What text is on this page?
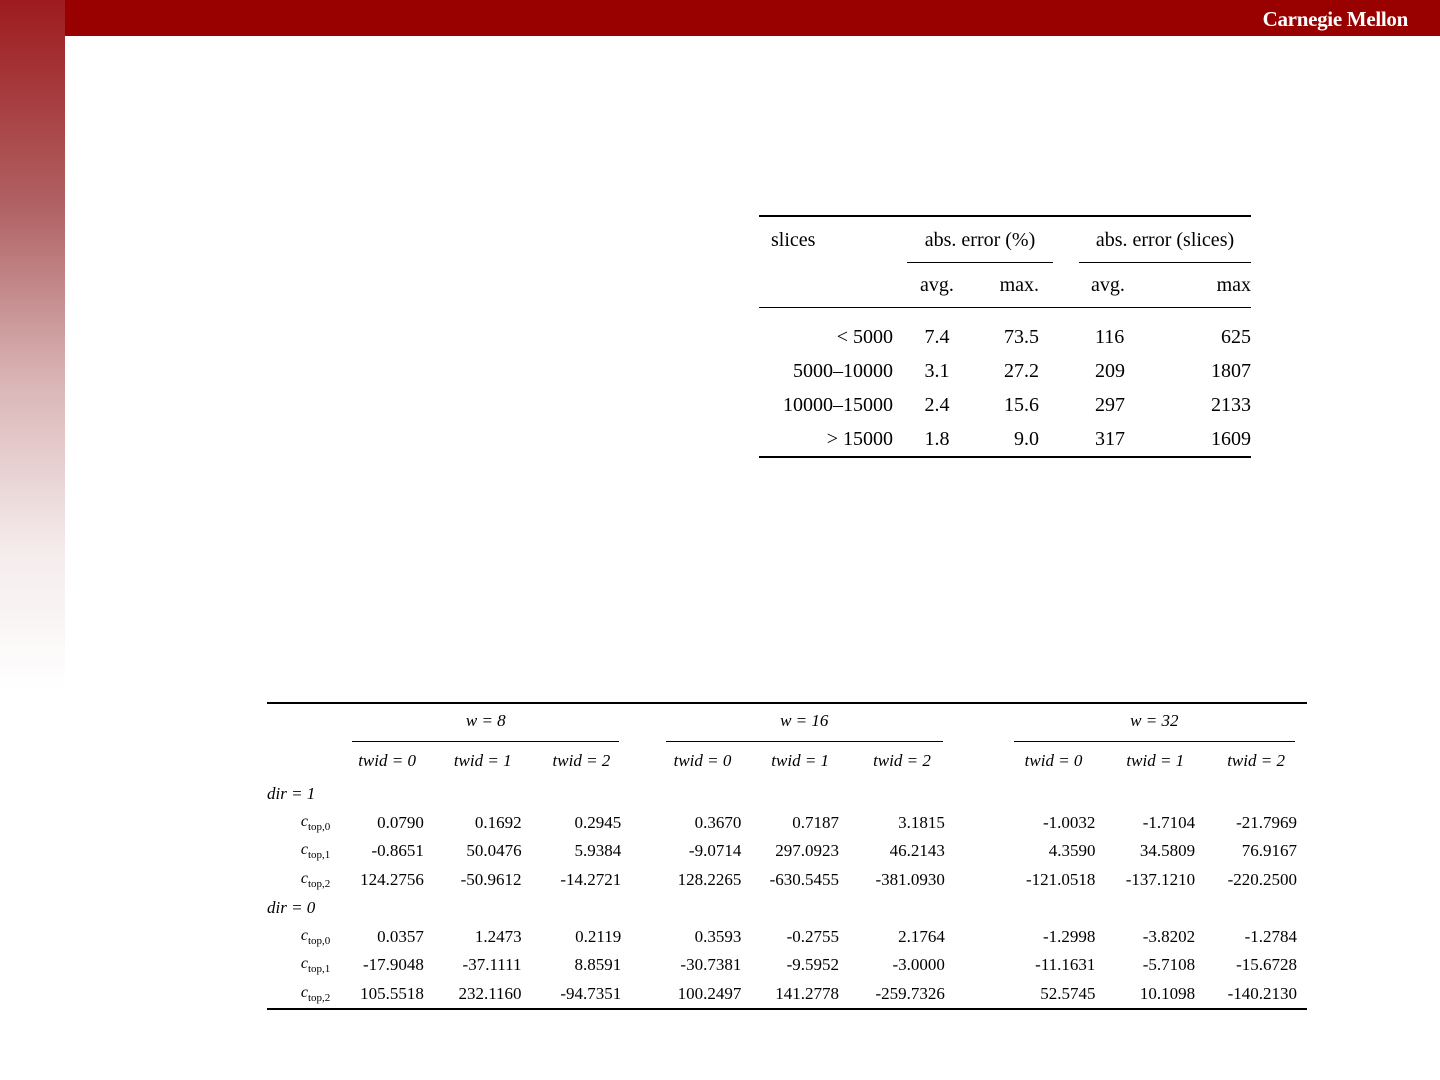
Carnegie Mellon
slices		abs. error (%)			abs. error (slices)	

		avg.	max.		avg.	max

< 5000		7.4	73.5		116	625
5000–10000		3.1	27.2		209	1807
10000–15000		2.4	15.6		297	2133
> 15000		1.8	9.0		317	1609

	w = 8				w = 16				w = 32		

	twid = 0	twid = 1	twid = 2		twid = 0	twid = 1	twid = 2		twid = 0	twid = 1	twid = 2
dir = 1											
$c_{top,0}$	0.0790	0.1692	0.2945		0.3670	0.7187	3.1815		-1.0032	-1.7104	-21.7969
$c_{top,1}$	-0.8651	50.0476	5.9384		-9.0714	297.0923	46.2143		4.3590	34.5809	76.9167
$c_{top,2}$	124.2756	-50.9612	-14.2721		128.2265	-630.5455	-381.0930		-121.0518	-137.1210	-220.2500
dir = 0											
$c_{top,0}$	0.0357	1.2473	0.2119		0.3593	-0.2755	2.1764		-1.2998	-3.8202	-1.2784
$c_{top,1}$	-17.9048	-37.1111	8.8591		-30.7381	-9.5952	-3.0000		-11.1631	-5.7108	-15.6728
$c_{top,2}$	105.5518	232.1160	-94.7351		100.2497	141.2778	-259.7326		52.5745	10.1098	-140.2130
